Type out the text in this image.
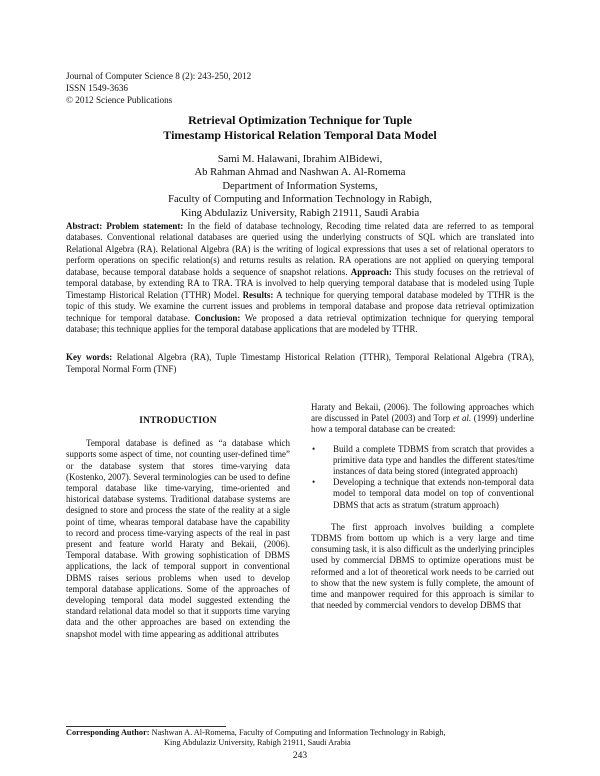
Journal of Computer Science 8 (2): 243-250, 2012
ISSN 1549-3636
© 2012 Science Publications
Retrieval Optimization Technique for Tuple
Timestamp Historical Relation Temporal Data Model
Sami M. Halawani, Ibrahim AlBidewi,
Ab Rahman Ahmad and Nashwan A. Al-Romema
Department of Information Systems,
Faculty of Computing and Information Technology in Rabigh,
King Abdulaziz University, Rabigh 21911, Saudi Arabia
Abstract: Problem statement: In the field of database technology, Recoding time related data are referred to as temporal databases. Conventional relational databases are queried using the underlying constructs of SQL which are translated into Relational Algebra (RA). Relational Algebra (RA) is the writing of logical expressions that uses a set of relational operators to perform operations on specific relation(s) and returns results as relation. RA operations are not applied on querying temporal database, because temporal database holds a sequence of snapshot relations. Approach: This study focuses on the retrieval of temporal database, by extending RA to TRA. TRA is involved to help querying temporal database that is modeled using Tuple Timestamp Historical Relation (TTHR) Model. Results: A technique for querying temporal database modeled by TTHR is the topic of this study. We examine the current issues and problems in temporal database and propose data retrieval optimization technique for temporal database. Conclusion: We proposed a data retrieval optimization technique for querying temporal database; this technique applies for the temporal database applications that are modeled by TTHR.
Key words: Relational Algebra (RA), Tuple Timestamp Historical Relation (TTHR), Temporal Relational Algebra (TRA), Temporal Normal Form (TNF)
INTRODUCTION

Temporal database is defined as “a database which supports some aspect of time, not counting user-defined time” or the database system that stores time-varying data (Kostenko, 2007). Several terminologies can be used to define temporal database like time-varying, time-oriented and historical database systems. Traditional database systems are designed to store and process the state of the reality at a sigle point of time, whearas temporal database have the capability to record and process time-varying aspects of the real in past present and feature world Haraty and Bekaii, (2006). Temporal database. With growing sophistication of DBMS applications, the lack of temporal support in conventional DBMS raises serious problems when used to develop temporal database applications. Some of the approaches of developing temporal data model suggested extending the standard relational data model so that it supports time varying data and the other approaches are based on extending the snapshot model with time appearing as additional attributes

Haraty and Bekaii, (2006). The following approaches which are discussed in Patel (2003) and Torp et al. (1999) underline how a temporal database can be created:

• Build a complete TDBMS from scratch that provides a primitive data type and handles the different states/time instances of data being stored (integrated approach)
• Developing a technique that extends non-temporal data model to temporal data model on top of conventional DBMS that acts as stratum (stratum approach)

The first approach involves building a complete TDBMS from bottom up which is a very large and time consuming task, it is also difficult as the underlying principles used by commercial DBMS to optimize operations must be reformed and a lot of theoretical work needs to be carried out to show that the new system is fully complete, the amount of time and manpower required for this approach is similar to that needed by commercial vendors to develop DBMS that

Corresponding Author: Nashwan A. Al-Romema, Faculty of Computing and Information Technology in Rabigh,
King Abdulaziz University, Rabigh 21911, Saudi Arabia
243
